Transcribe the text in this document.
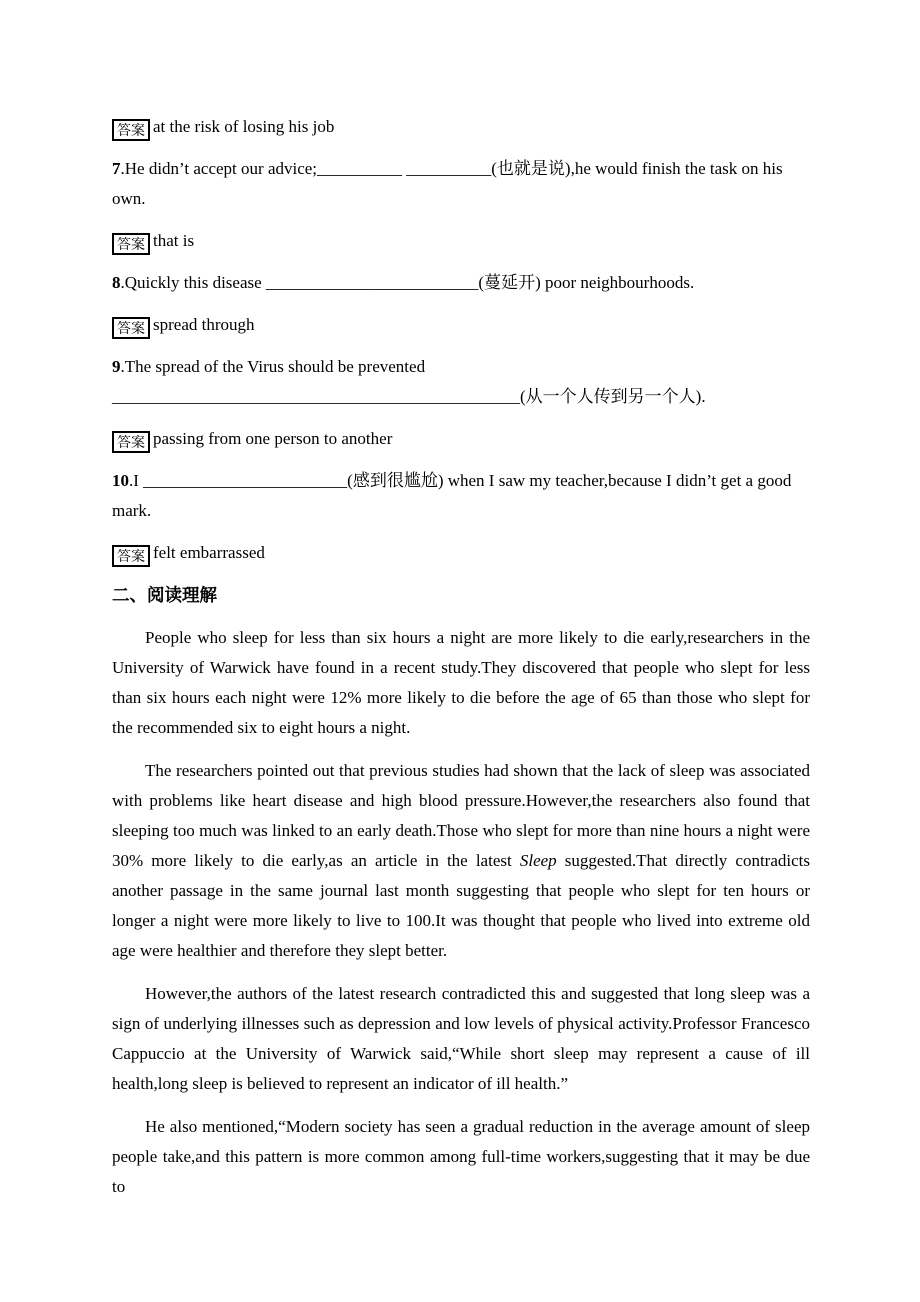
答案 at the risk of losing his job
7.He didn’t accept our advice;__________ __________(也就是说),he would finish the task on his own.
答案 that is
8.Quickly this disease _________________________(蔓延开) poor neighbourhoods.
答案 spread through
9.The spread of the Virus should be prevented ________________________________________________(从一个人传到另一个人).
答案 passing from one person to another
10.I ________________________(感到很尴尬) when I saw my teacher,because I didn’t get a good mark.
答案 felt embarrassed
二、阅读理解

People who sleep for less than six hours a night are more likely to die early,researchers in the University of Warwick have found in a recent study.They discovered that people who slept for less than six hours each night were 12% more likely to die before the age of 65 than those who slept for the recommended six to eight hours a night.

The researchers pointed out that previous studies had shown that the lack of sleep was associated with problems like heart disease and high blood pressure.However,the researchers also found that sleeping too much was linked to an early death.Those who slept for more than nine hours a night were 30% more likely to die early,as an article in the latest Sleep suggested.That directly contradicts another passage in the same journal last month suggesting that people who slept for ten hours or longer a night were more likely to live to 100.It was thought that people who lived into extreme old age were healthier and therefore they slept better.

However,the authors of the latest research contradicted this and suggested that long sleep was a sign of underlying illnesses such as depression and low levels of physical activity.Professor Francesco Cappuccio at the University of Warwick said,“While short sleep may represent a cause of ill health,long sleep is believed to represent an indicator of ill health.”

He also mentioned,“Modern society has seen a gradual reduction in the average amount of sleep people take,and this pattern is more common among full-time workers,suggesting that it may be due to
